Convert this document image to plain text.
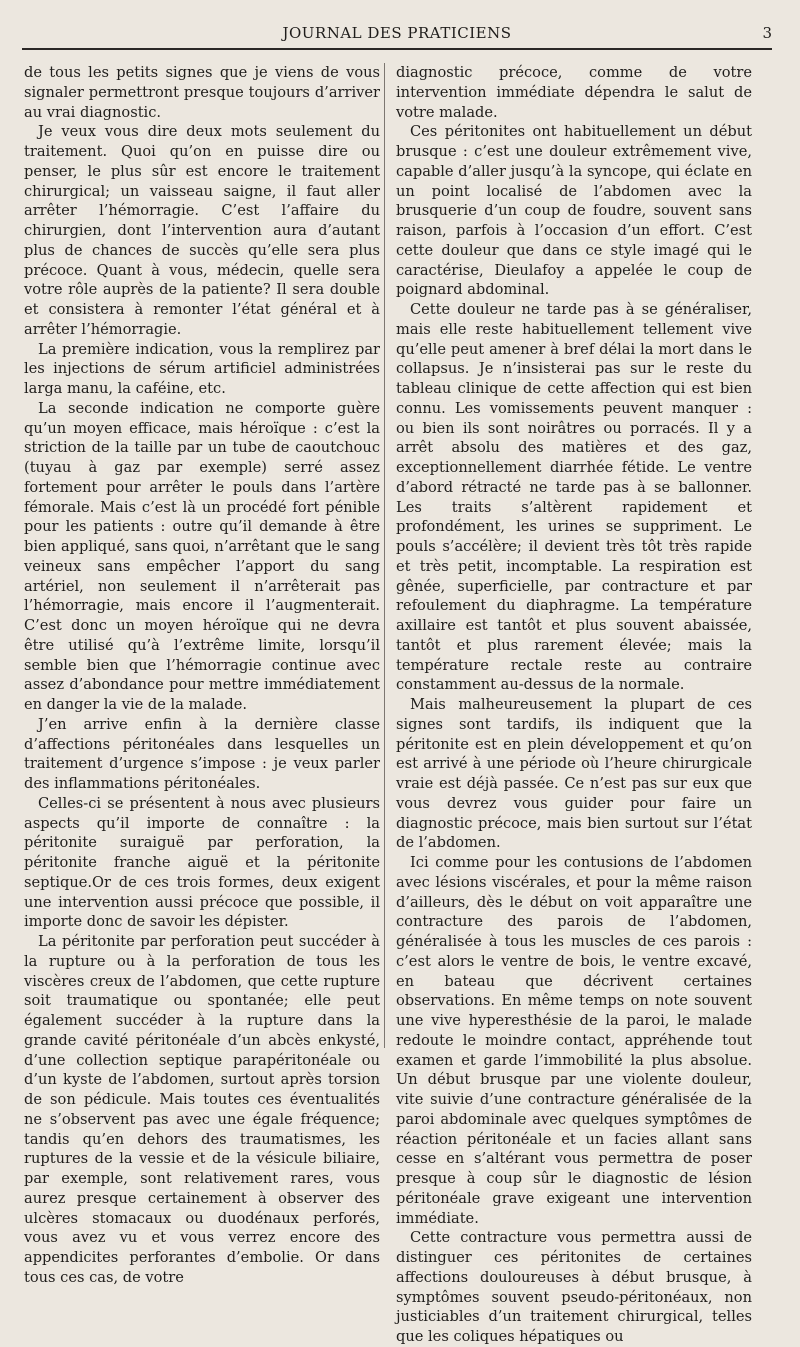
JOURNAL DES PRATICIENS	3

de tous les petits signes que je viens de vous signaler permettront presque toujours d’arriver au vrai diagnostic.

Je veux vous dire deux mots seulement du traitement. Quoi qu’on en puisse dire ou penser, le plus sûr est encore le traitement chirurgical; un vaisseau saigne, il faut aller arrêter l’hémorragie. C’est l’affaire du chirurgien, dont l’intervention aura d’autant plus de chances de succès qu’elle sera plus précoce. Quant à vous, médecin, quelle sera votre rôle auprès de la patiente? Il sera double et consistera à remonter l’état général et à arrêter l’hémorragie.

La première indication, vous la remplirez par les injections de sérum artificiel administrées larga manu, la caféine, etc.

La seconde indication ne comporte guère qu’un moyen efficace, mais héroïque : c’est la striction de la taille par un tube de caoutchouc (tuyau à gaz par exemple) serré assez fortement pour arrêter le pouls dans l’artère fémorale. Mais c’est là un procédé fort pénible pour les patients : outre qu’il demande à être bien appliqué, sans quoi, n’arrêtant que le sang veineux sans empêcher l’apport du sang artériel, non seulement il n’arrêterait pas l’hémorragie, mais encore il l’augmenterait. C’est donc un moyen héroïque qui ne devra être utilisé qu’à l’extrême limite, lorsqu’il semble bien que l’hémorragie continue avec assez d’abondance pour mettre immédiatement en danger la vie de la malade.

J’en arrive enfin à la dernière classe d’affections péritonéales dans lesquelles un traitement d’urgence s’impose : je veux parler des inflammations péritonéales.

Celles-ci se présentent à nous avec plusieurs aspects qu’il importe de connaître : la péritonite suraiguë par perforation, la péritonite franche aiguë et la péritonite septique.Or de ces trois formes, deux exigent une intervention aussi précoce que possible, il importe donc de savoir les dépister.

La péritonite par perforation peut succéder à la rupture ou à la perforation de tous les viscères creux de l’abdomen, que cette rupture soit traumatique ou spontanée; elle peut également succéder à la rupture dans la grande cavité péritonéale d’un abcès enkysté, d’une collection septique parapéritonéale ou d’un kyste de l’abdomen, surtout après torsion de son pédicule. Mais toutes ces éventualités ne s’observent pas avec une égale fréquence; tandis qu’en dehors des traumatismes, les ruptures de la vessie et de la vésicule biliaire, par exemple, sont relativement rares, vous aurez presque certainement à observer des ulcères stomacaux ou duodénaux perforés, vous avez vu et vous verrez encore des appendicites perforantes d’embolie. Or dans tous ces cas, de votre

diagnostic précoce, comme de votre intervention immédiate dépendra le salut de votre malade.

Ces péritonites ont habituellement un début brusque : c’est une douleur extrêmement vive, capable d’aller jusqu’à la syncope, qui éclate en un point localisé de l’abdomen avec la brusquerie d’un coup de foudre, souvent sans raison, parfois à l’occasion d’un effort. C’est cette douleur que dans ce style imagé qui le caractérise, Dieulafoy a appelée le coup de poignard abdominal.

Cette douleur ne tarde pas à se généraliser, mais elle reste habituellement tellement vive qu’elle peut amener à bref délai la mort dans le collapsus. Je n’insisterai pas sur le reste du tableau clinique de cette affection qui est bien connu. Les vomissements peuvent manquer : ou bien ils sont noirâtres ou porracés. Il y a arrêt absolu des matières et des gaz, exceptionnellement diarrhée fétide. Le ventre d’abord rétracté ne tarde pas à se ballonner. Les traits s’altèrent rapidement et profondément, les urines se suppriment. Le pouls s’accélère; il devient très tôt très rapide et très petit, incomptable. La respiration est gênée, superficielle, par contracture et par refoulement du diaphragme. La température axillaire est tantôt et plus souvent abaissée, tantôt et plus rarement élevée; mais la température rectale reste au contraire constamment au-dessus de la normale.

Mais malheureusement la plupart de ces signes sont tardifs, ils indiquent que la péritonite est en plein développement et qu’on est arrivé à une période où l’heure chirurgicale vraie est déjà passée. Ce n’est pas sur eux que vous devrez vous guider pour faire un diagnostic précoce, mais bien surtout sur l’état de l’abdomen.

Ici comme pour les contusions de l’abdomen avec lésions viscérales, et pour la même raison d’ailleurs, dès le début on voit apparaître une contracture des parois de l’abdomen, généralisée à tous les muscles de ces parois : c’est alors le ventre de bois, le ventre excavé, en bateau que décrivent certaines observations. En même temps on note souvent une vive hyperesthésie de la paroi, le malade redoute le moindre contact, appréhende tout examen et garde l’immobilité la plus absolue. Un début brusque par une violente douleur, vite suivie d’une contracture généralisée de la paroi abdominale avec quelques symptômes de réaction péritonéale et un facies allant sans cesse en s’altérant vous permettra de poser presque à coup sûr le diagnostic de lésion péritonéale grave exigeant une intervention immédiate.

Cette contracture vous permettra aussi de distinguer ces péritonites de certaines affections douloureuses à début brusque, à symptômes souvent pseudo-péritonéaux, non justiciables d’un traitement chirurgical, telles que les coliques hépatiques ou
